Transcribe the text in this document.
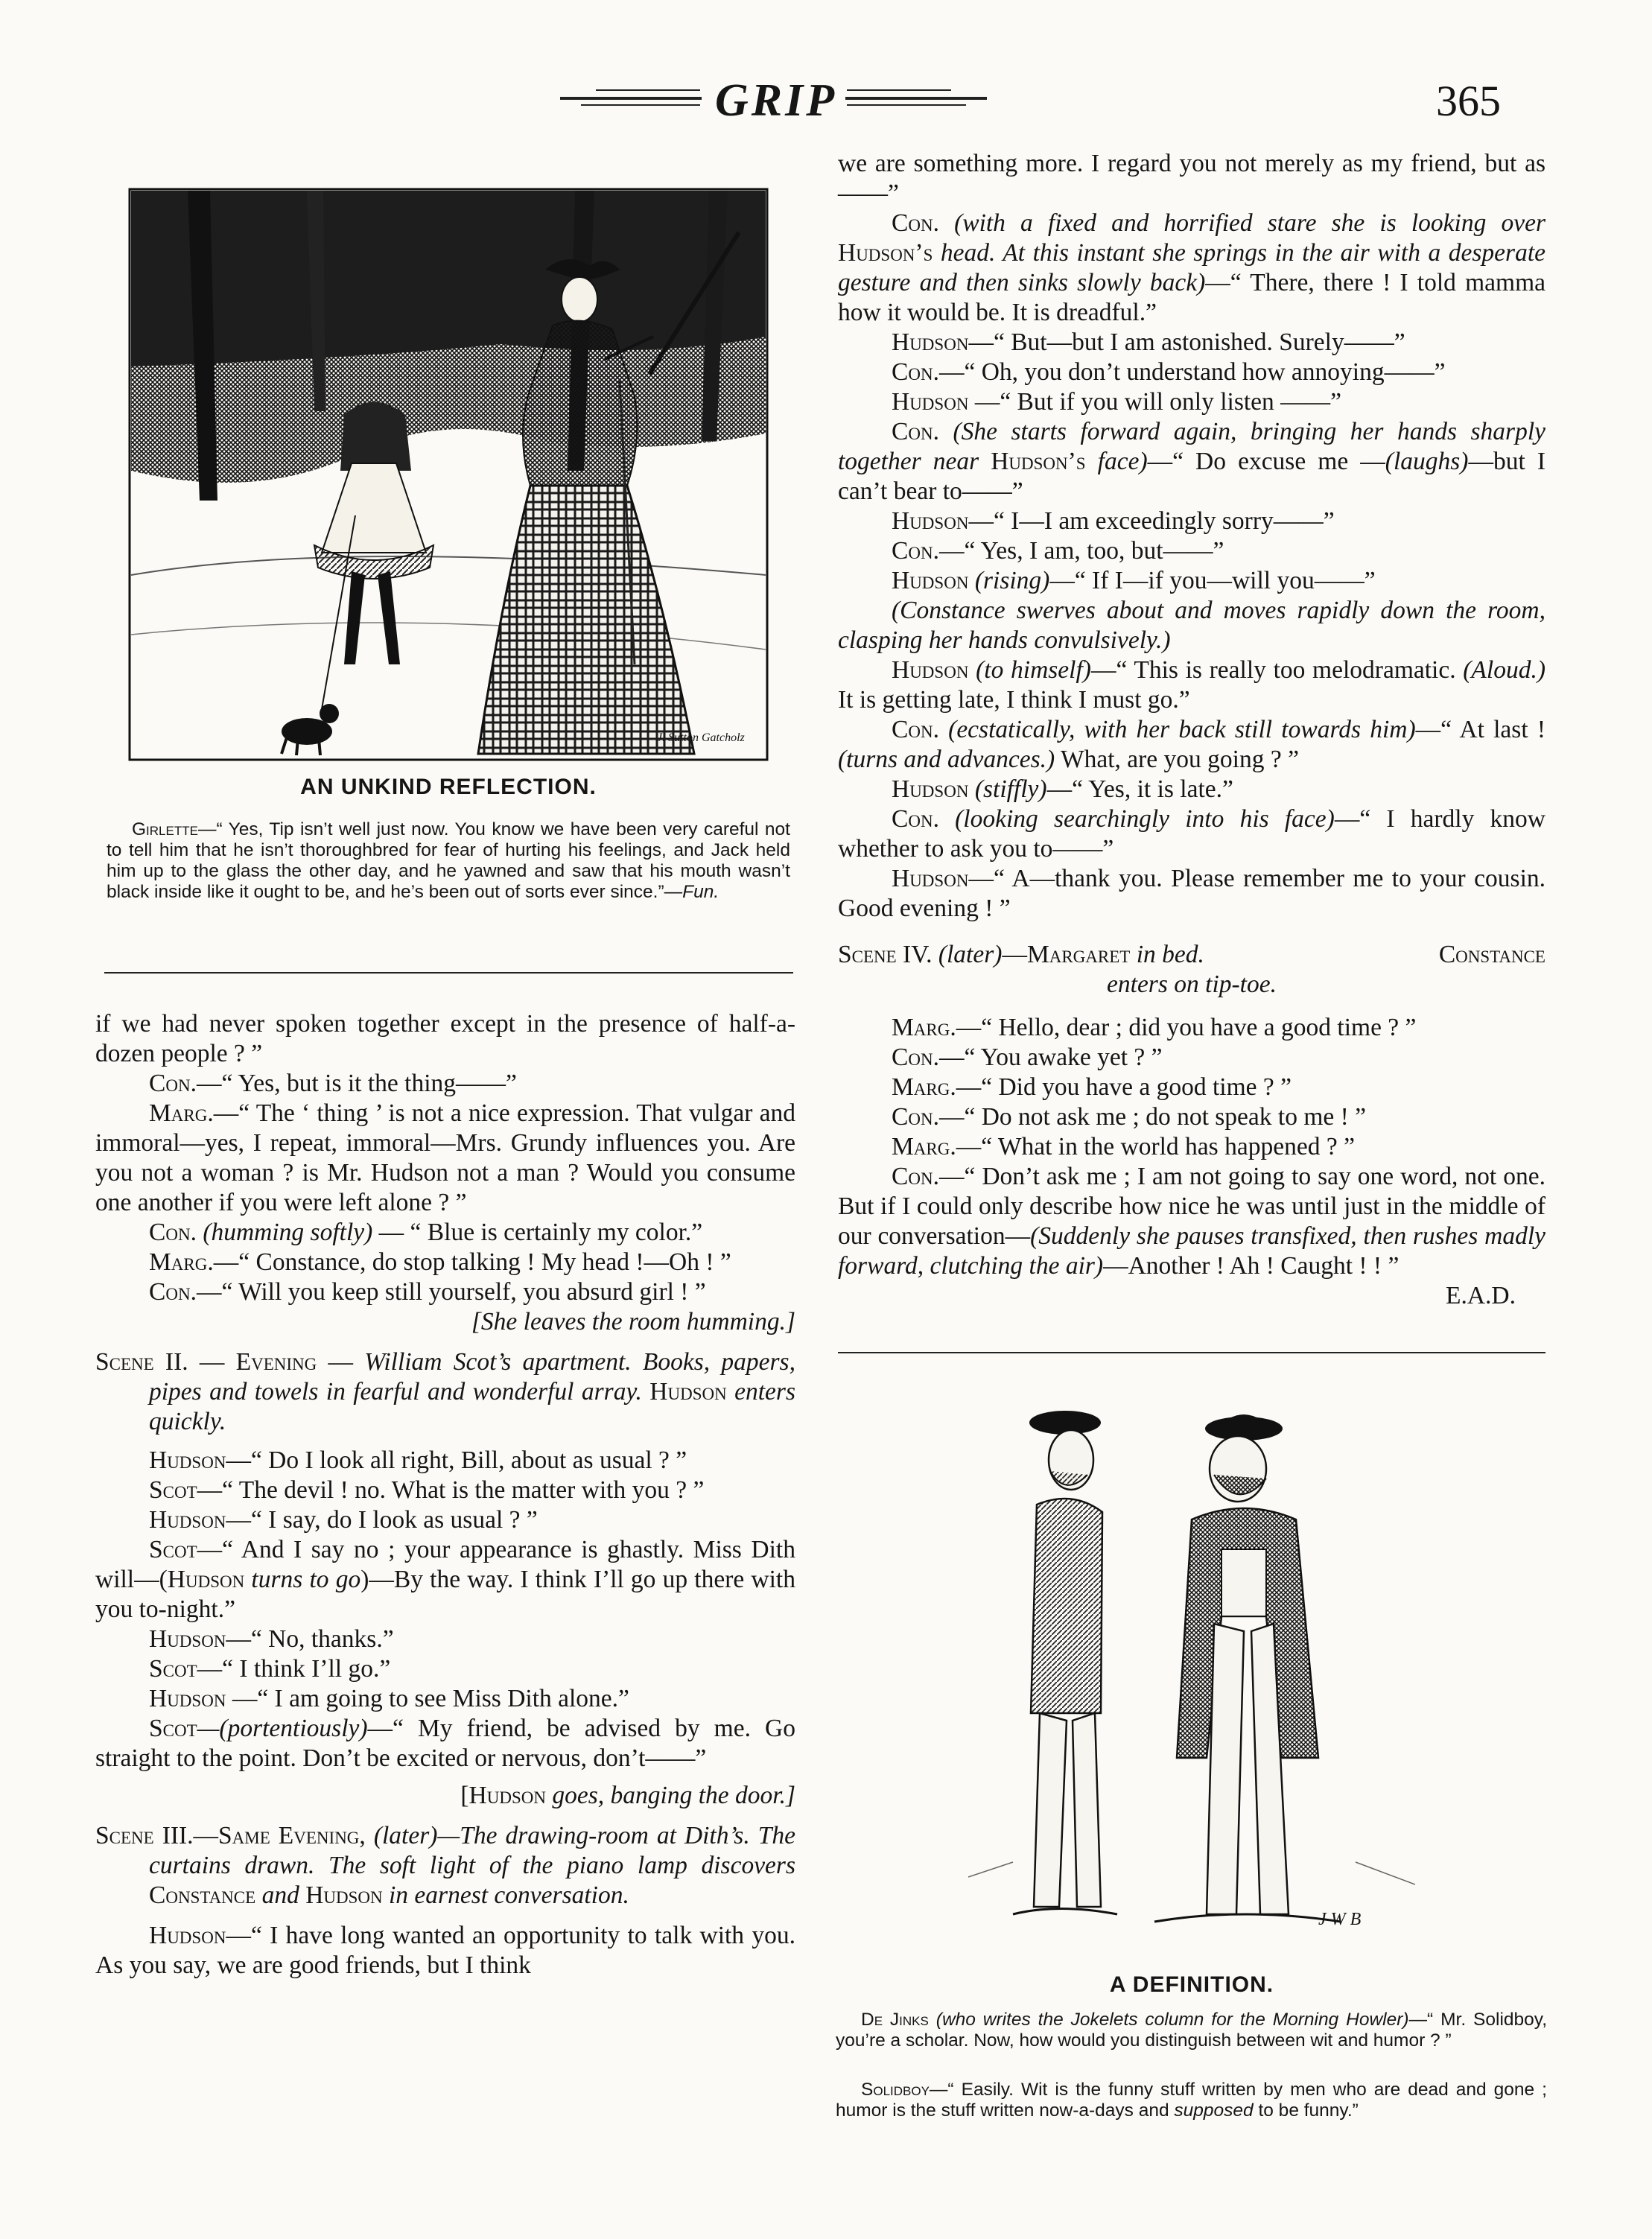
GRIP	365
J. Sutton Gatcholz
AN UNKIND REFLECTION.
Girlette—“ Yes, Tip isn’t well just now. You know we have been very careful not to tell him that he isn’t thoroughbred for fear of hurting his feelings, and Jack held him up to the glass the other day, and he yawned and saw that his mouth wasn’t black inside like it ought to be, and he’s been out of sorts ever since.”—Fun.

if we had never spoken together except in the presence of half-a-dozen people ? ”

Con.—“ Yes, but is it the thing——”

Marg.—“ The ‘ thing ’ is not a nice expression. That vulgar and immoral—yes, I repeat, immoral—Mrs. Grundy influences you. Are you not a woman ? is Mr. Hudson not a man ? Would you consume one another if you were left alone ? ”

Con. (humming softly) — “ Blue is certainly my color.”

Marg.—“ Constance, do stop talking ! My head !—Oh ! ”

Con.—“ Will you keep still yourself, you absurd girl ! ”

[She leaves the room humming.]

Scene II. — Evening — William Scot’s apartment. Books, papers, pipes and towels in fearful and wonderful array. Hudson enters quickly.

Hudson—“ Do I look all right, Bill, about as usual ? ”

Scot—“ The devil ! no. What is the matter with you ? ”

Hudson—“ I say, do I look as usual ? ”

Scot—“ And I say no ; your appearance is ghastly. Miss Dith will—(Hudson turns to go)—By the way. I think I’ll go up there with you to-night.”

Hudson—“ No, thanks.”

Scot—“ I think I’ll go.”

Hudson —“ I am going to see Miss Dith alone.”

Scot—(portentiously)—“ My friend, be advised by me. Go straight to the point. Don’t be excited or nervous, don’t——”

[Hudson goes, banging the door.]

Scene III.—Same Evening, (later)—The drawing-room at Dith’s. The curtains drawn. The soft light of the piano lamp discovers Constance and Hudson in earnest conversation.

Hudson—“ I have long wanted an opportunity to talk with you. As you say, we are good friends, but I think

we are something more. I regard you not merely as my friend, but as——”

Con. (with a fixed and horrified stare she is looking over Hudson’s head. At this instant she springs in the air with a desperate gesture and then sinks slowly back)—“ There, there ! I told mamma how it would be. It is dreadful.”

Hudson—“ But—but I am astonished. Surely——”

Con.—“ Oh, you don’t understand how annoying——”

Hudson —“ But if you will only listen ——”

Con. (She starts forward again, bringing her hands sharply together near Hudson’s face)—“ Do excuse me —(laughs)—but I can’t bear to——”

Hudson—“ I—I am exceedingly sorry——”

Con.—“ Yes, I am, too, but——”

Hudson (rising)—“ If I—if you—will you——”

(Constance swerves about and moves rapidly down the room, clasping her hands convulsively.)

Hudson (to himself)—“ This is really too melodramatic. (Aloud.) It is getting late, I think I must go.”

Con. (ecstatically, with her back still towards him)—“ At last ! (turns and advances.) What, are you going ? ”

Hudson (stiffly)—“ Yes, it is late.”

Con. (looking searchingly into his face)—“ I hardly know whether to ask you to——”

Hudson—“ A—thank you. Please remember me to your cousin. Good evening ! ”

Scene IV. (later)—Margaret in bed.	Constance

enters on tip-toe.

Marg.—“ Hello, dear ; did you have a good time ? ”

Con.—“ You awake yet ? ”

Marg.—“ Did you have a good time ? ”

Con.—“ Do not ask me ; do not speak to me ! ”

Marg.—“ What in the world has happened ? ”

Con.—“ Don’t ask me ; I am not going to say one word, not one. But if I could only describe how nice he was until just in the middle of our conversation—(Suddenly she pauses transfixed, then rushes madly forward, clutching the air)—Another ! Ah ! Caught ! ! ”

E.A.D.

J W B
A DEFINITION.
De Jinks (who writes the Jokelets column for the Morning Howler)—“ Mr. Solidboy, you’re a scholar. Now, how would you distinguish between wit and humor ? ”
Solidboy—“ Easily. Wit is the funny stuff written by men who are dead and gone ; humor is the stuff written now-a-days and supposed to be funny.”
